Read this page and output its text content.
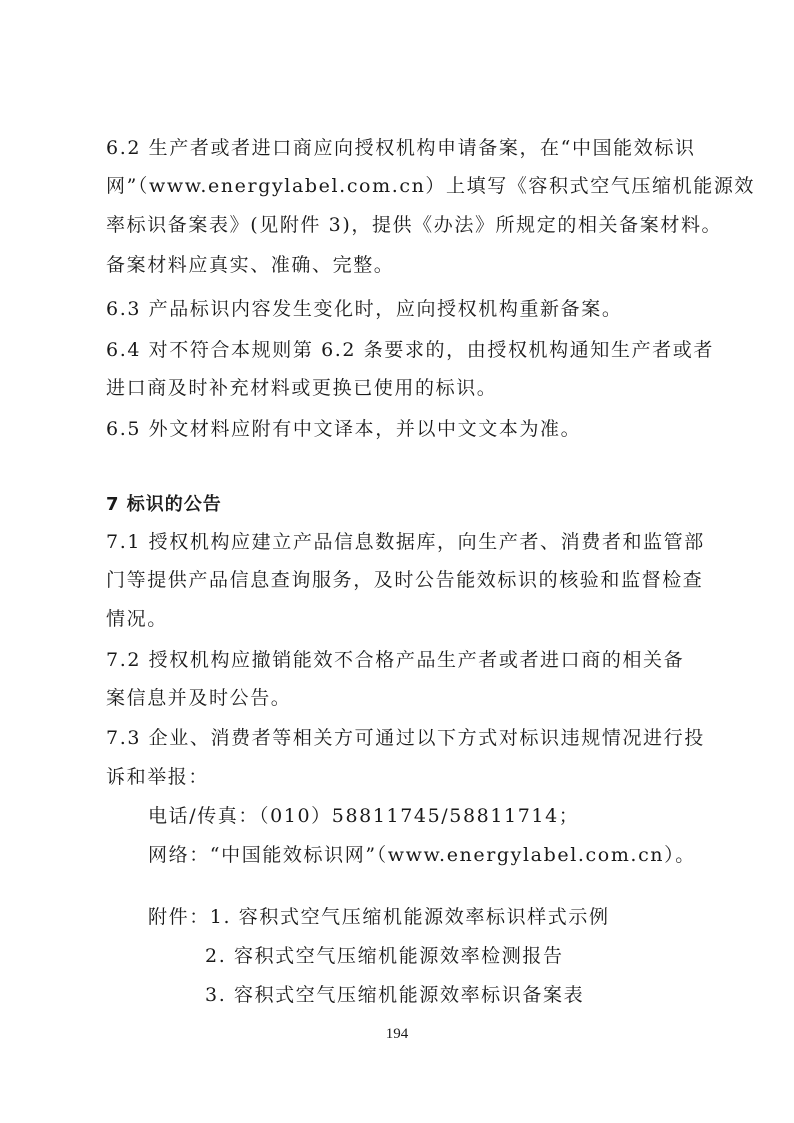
6.2 生产者或者进口商应向授权机构申请备案，在“中国能效标识
网”（www.energylabel.com.cn）上填写《容积式空气压缩机能源效
率标识备案表》(见附件 3)，提供《办法》所规定的相关备案材料。
备案材料应真实、准确、完整。
6.3 产品标识内容发生变化时，应向授权机构重新备案。
6.4 对不符合本规则第 6.2 条要求的，由授权机构通知生产者或者
进口商及时补充材料或更换已使用的标识。
6.5 外文材料应附有中文译本，并以中文文本为准。
7 标识的公告
7.1 授权机构应建立产品信息数据库，向生产者、消费者和监管部
门等提供产品信息查询服务，及时公告能效标识的核验和监督检查
情况。
7.2 授权机构应撤销能效不合格产品生产者或者进口商的相关备
案信息并及时公告。
7.3 企业、消费者等相关方可通过以下方式对标识违规情况进行投
诉和举报：
电话/传真：（010）58811745/58811714；
网络：“中国能效标识网”（www.energylabel.com.cn）。
附件：1. 容积式空气压缩机能源效率标识样式示例
2. 容积式空气压缩机能源效率检测报告
3. 容积式空气压缩机能源效率标识备案表
194
